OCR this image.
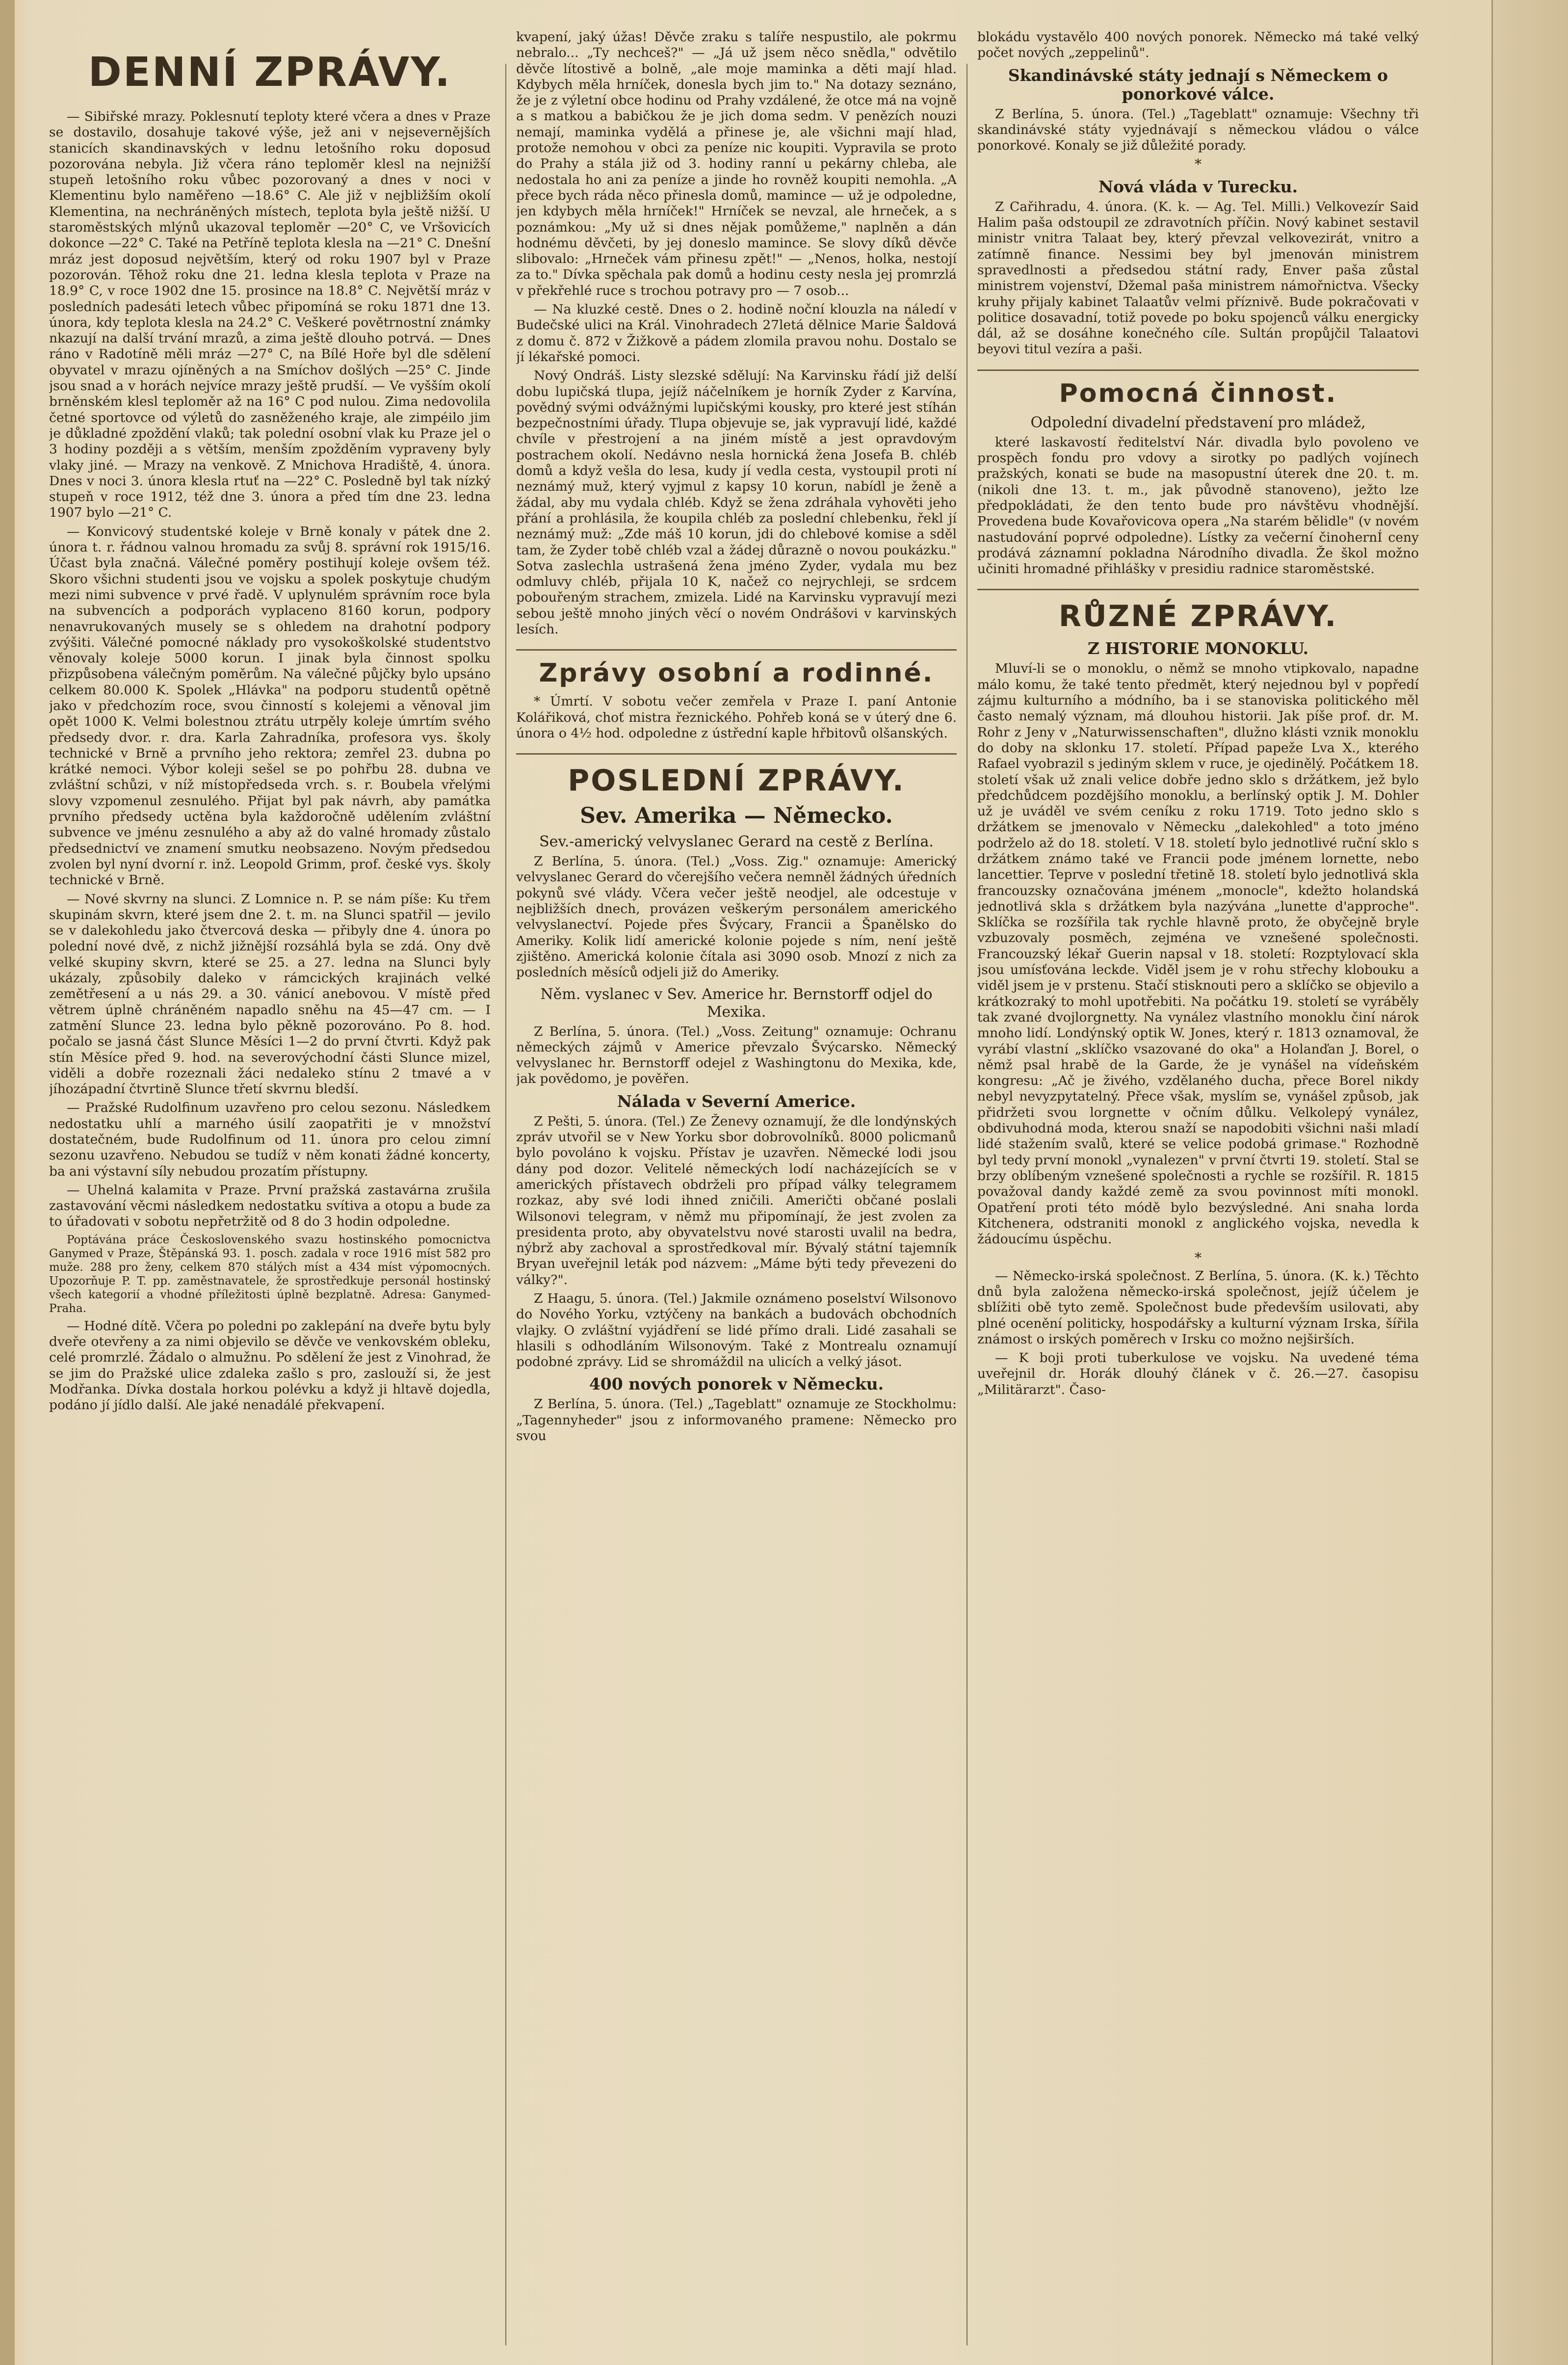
DENNÍ ZPRÁVY.

— Sibiřské mrazy. Poklesnutí teploty které včera a dnes v Praze se dostavilo, dosahuje takové výše, jež ani v nejsevernějších stanicích skandinavských v lednu letošního roku doposud pozorována nebyla. Již včera ráno teploměr klesl na nejnižší stupeň letošního roku vůbec pozorovaný a dnes v noci v Klementinu bylo naměřeno —18.6° C. Ale již v nejbližším okolí Klementina, na nechráněných místech, teplota byla ještě nižší. U staroměstských mlýnů ukazoval teploměr —20° C, ve Vršovicích dokonce —22° C. Také na Petříně teplota klesla na —21° C. Dnešní mráz jest doposud největším, který od roku 1907 byl v Praze pozorován. Těhož roku dne 21. ledna klesla teplota v Praze na 18.9° C, v roce 1902 dne 15. prosince na 18.8° C. Největší mráz v posledních padesáti letech vůbec připomíná se roku 1871 dne 13. února, kdy teplota klesla na 24.2° C. Veškeré povětrnostní známky nkazují na další trvání mrazů, a zima ještě dlouho potrvá. — Dnes ráno v Radotíně měli mráz —27° C, na Bílé Hoře byl dle sdělení obyvatel v mrazu ojíněných a na Smíchov došlých —25° C. Jinde jsou snad a v horách nejvíce mrazy ještě prudší. — Ve vyšším okolí brněnském klesl teploměr až na 16° C pod nulou. Zima nedovolila četné sportovce od výletů do zasněženého kraje, ale zimpéilo jim je důkladné zpoždění vlaků; tak polední osobní vlak ku Praze jel o 3 hodiny později a s větším, menším zpožděním vypraveny byly vlaky jiné. — Mrazy na venkově. Z Mnichova Hradiště, 4. února. Dnes v noci 3. února klesla rtuť na —22° C. Posledně byl tak nízký stupeň v roce 1912, též dne 3. února a před tím dne 23. ledna 1907 bylo —21° C.

— Konvicový studentské koleje v Brně konaly v pátek dne 2. února t. r. řádnou valnou hromadu za svůj 8. správní rok 1915/16. Účast byla značná. Válečné poměry postihují koleje ovšem též. Skoro všichni studenti jsou ve vojsku a spolek poskytuje chudým mezi nimi subvence v prvé řadě. V uplynulém správním roce byla na subvencích a podporách vyplaceno 8160 korun, podpory nenavrukovaných musely se s ohledem na drahotní podpory zvýšiti. Válečné pomocné náklady pro vysokoškolské studentstvo věnovaly koleje 5000 korun. I jinak byla činnost spolku přizpůsobena válečným poměrům. Na válečné půjčky bylo upsáno celkem 80.000 K. Spolek „Hlávka" na podporu studentů opětně jako v předchozím roce, svou činností s kolejemi a věnoval jim opět 1000 K. Velmi bolestnou ztrátu utrpěly koleje úmrtím svého předsedy dvor. r. dra. Karla Zahradníka, profesora vys. školy technické v Brně a prvního jeho rektora; zemřel 23. dubna po krátké nemoci. Výbor koleji sešel se po pohřbu 28. dubna ve zvláštní schůzi, v níž místopředseda vrch. s. r. Boubela vřelými slovy vzpomenul zesnulého. Přijat byl pak návrh, aby památka prvního předsedy uctěna byla každoročně udělením zvláštní subvence ve jménu zesnulého a aby až do valné hromady zůstalo předsednictví ve znamení smutku neobsazeno. Novým předsedou zvolen byl nyní dvorní r. inž. Leopold Grimm, prof. české vys. školy technické v Brně.

— Nové skvrny na slunci. Z Lomnice n. P. se nám píše: Ku třem skupinám skvrn, které jsem dne 2. t. m. na Slunci spatřil — jevilo se v dalekohledu jako čtvercová deska — přibyly dne 4. února po polední nové dvě, z nichž jižnější rozsáhlá byla se zdá. Ony dvě velké skupiny skvrn, které se 25. a 27. ledna na Slunci byly ukázaly, způsobily daleko v rámcických krajinách velké zemětřesení a u nás 29. a 30. vánicí anebovou. V místě před větrem úplně chráněném napadlo sněhu na 45—47 cm. — I zatmění Slunce 23. ledna bylo pěkně pozorováno. Po 8. hod. počalo se jasná část Slunce Měsíci 1—2 do první čtvrti. Když pak stín Měsíce před 9. hod. na severovýchodní části Slunce mizel, viděli a dobře rozeznali žáci nedaleko stínu 2 tmavé a v jíhozápadní čtvrtině Slunce třetí skvrnu bledší.

— Pražské Rudolfinum uzavřeno pro celou sezonu. Následkem nedostatku uhlí a marného úsilí zaopatřiti je v množství dostatečném, bude Rudolfinum od 11. února pro celou zimní sezonu uzavřeno. Nebudou se tudíž v něm konati žádné koncerty, ba ani výstavní síly nebudou prozatím přístupny.

— Uhelná kalamita v Praze. První pražská zastavárna zrušila zastavování věcmi následkem nedostatku svítiva a otopu a bude za to úřadovati v sobotu nepřetržitě od 8 do 3 hodin odpoledne.

Poptávána práce Československého svazu hostinského pomocnictva Ganymed v Praze, Štěpánská 93. 1. posch. zadala v roce 1916 míst 582 pro muže. 288 pro ženy, celkem 870 stálých míst a 434 míst výpomocných. Upozorňuje P. T. pp. zaměstnavatele, že sprostředkuje personál hostinský všech kategorií a vhodné příležitosti úplně bezplatně. Adresa: Ganymed-Praha.

— Hodné dítě. Včera po poledni po zaklepání na dveře bytu byly dveře otevřeny a za nimi objevilo se děvče ve venkovském obleku, celé promrzlé. Žádalo o almužnu. Po sdělení že jest z Vinohrad, že se jim do Pražské ulice zdaleka zašlo s pro, zaslouží si, že jest Modřanka. Dívka dostala horkou polévku a když ji hltavě dojedla, podáno jí jídlo další. Ale jaké nenadálé překvapení.

kvapení, jaký úžas! Děvče zraku s talíře nespustilo, ale pokrmu nebralo... „Ty nechceš?" — „Já už jsem něco snědla," odvětilo děvče lítostivě a bolně, „ale moje maminka a děti mají hlad. Kdybych měla hrníček, donesla bych jim to." Na dotazy seznáno, že je z výletní obce hodinu od Prahy vzdálené, že otce má na vojně a s matkou a babičkou že je jich doma sedm. V penězích nouzi nemají, maminka vydělá a přinese je, ale všichni mají hlad, protože nemohou v obci za peníze nic koupiti. Vypravila se proto do Prahy a stála již od 3. hodiny ranní u pekárny chleba, ale nedostala ho ani za peníze a jinde ho rovněž koupiti nemohla. „A přece bych ráda něco přinesla domů, mamince — už je odpoledne, jen kdybych měla hrníček!" Hrníček se nevzal, ale hrneček, a s poznámkou: „My už si dnes nějak pomůžeme," naplněn a dán hodnému děvčeti, by jej doneslo mamince. Se slovy díků děvče slibovalo: „Hrneček vám přinesu zpět!" — „Nenos, holka, nestojí za to." Dívka spěchala pak domů a hodinu cesty nesla jej promrzlá v překřehlé ruce s trochou potravy pro — 7 osob...

— Na kluzké cestě. Dnes o 2. hodině noční klouzla na náledí v Budečské ulici na Král. Vinohradech 27letá dělnice Marie Šaldová z domu č. 872 v Žižkově a pádem zlomila pravou nohu. Dostalo se jí lékařské pomoci.

Nový Ondráš. Listy slezské sdělují: Na Karvinsku řádí již delší dobu lupičská tlupa, jejíž náčelníkem je horník Zyder z Karvína, povědný svými odvážnými lupičskými kousky, pro které jest stíhán bezpečnostními úřady. Tlupa objevuje se, jak vypravují lidé, každé chvíle v přestrojení a na jiném místě a jest opravdovým postrachem okolí. Nedávno nesla hornická žena Josefa B. chléb domů a když vešla do lesa, kudy jí vedla cesta, vystoupil proti ní neznámý muž, který vyjmul z kapsy 10 korun, nabídl je ženě a žádal, aby mu vydala chléb. Když se žena zdráhala vyhověti jeho přání a prohlásila, že koupila chléb za poslední chlebenku, řekl jí neznámý muž: „Zde máš 10 korun, jdi do chlebové komise a sděl tam, že Zyder tobě chléb vzal a žádej důrazně o novou poukázku." Sotva zaslechla ustrašená žena jméno Zyder, vydala mu bez odmluvy chléb, přijala 10 K, načež co nejrychleji, se srdcem pobouřeným strachem, zmizela. Lidé na Karvinsku vypravují mezi sebou ještě mnoho jiných věcí o novém Ondrášovi v karvinských lesích.

Zprávy osobní a rodinné.

* Úmrtí. V sobotu večer zemřela v Praze I. paní Antonie Kolářiková, choť mistra řeznického. Pohřeb koná se v úterý dne 6. února o 4½ hod. odpoledne z ústřední kaple hřbitovů olšanských.

POSLEDNÍ ZPRÁVY.
Sev. Amerika — Německo.
Sev.-americký velvyslanec Gerard na cestě z Berlína.

Z Berlína, 5. února. (Tel.) „Voss. Zig." oznamuje: Americký velvyslanec Gerard do včerejšího večera nemněl žádných úředních pokynů své vlády. Včera večer ještě neodjel, ale odcestuje v nejbližších dnech, provázen veškerým personálem amerického velvyslanectví. Pojede přes Švýcary, Francii a Španělsko do Ameriky. Kolik lidí americké kolonie pojede s ním, není ještě zjištěno. Americká kolonie čítala asi 3090 osob. Mnozí z nich za posledních měsíců odjeli již do Ameriky.

Něm. vyslanec v Sev. Americe hr. Bernstorff odjel do Mexika.

Z Berlína, 5. února. (Tel.) „Voss. Zeitung" oznamuje: Ochranu německých zájmů v Americe převzalo Švýcarsko. Německý velvyslanec hr. Bernstorff odejel z Washingtonu do Mexika, kde, jak povědomo, je pověřen.

Nálada v Severní Americe.

Z Pešti, 5. února. (Tel.) Ze Ženevy oznamují, že dle londýnských zpráv utvořil se v New Yorku sbor dobrovolníků. 8000 policmanů bylo povoláno k vojsku. Přístav je uzavřen. Německé lodi jsou dány pod dozor. Velitelé německých lodí nacházejících se v amerických přístavech obdrželi pro případ války telegramem rozkaz, aby své lodi ihned zničili. Američti občané poslali Wilsonovi telegram, v němž mu připomínají, že jest zvolen za presidenta proto, aby obyvatelstvu nové starosti uvalil na bedra, nýbrž aby zachoval a sprostředkoval mír. Bývalý státní tajemník Bryan uveřejnil leták pod názvem: „Máme býti tedy převezeni do války?".

Z Haagu, 5. února. (Tel.) Jakmile oznámeno poselství Wilsonovo do Nového Yorku, vztýčeny na bankách a budovách obchodních vlajky. O zvláštní vyjádření se lidé přímo drali. Lidé zasahali se hlasili s odhodláním Wilsonovým. Také z Montrealu oznamují podobné zprávy. Lid se shromáždil na ulicích a velký jásot.

400 nových ponorek v Německu.

Z Berlína, 5. února. (Tel.) „Tageblatt" oznamuje ze Stockholmu: „Tagennyheder" jsou z informovaného pramene: Německo pro svou

blokádu vystavělo 400 nových ponorek. Německo má také velký počet nových „zeppelinů".

Skandinávské státy jednají s Německem o ponorkové válce.

Z Berlína, 5. února. (Tel.) „Tageblatt" oznamuje: Všechny tři skandinávské státy vyjednávají s německou vládou o válce ponorkové. Konaly se již důležité porady.

*
Nová vláda v Turecku.

Z Cařihradu, 4. února. (K. k. — Ag. Tel. Milli.) Velkovezír Said Halim paša odstoupil ze zdravotních příčin. Nový kabinet sestavil ministr vnitra Talaat bey, který převzal velkovezirát, vnitro a zatímně finance. Nessimi bey byl jmenován ministrem spravedlnosti a předsedou státní rady, Enver paša zůstal ministrem vojenství, Džemal paša ministrem námořnictva. Všecky kruhy přijaly kabinet Talaatův velmi příznivě. Bude pokračovati v politice dosavadní, totiž povede po boku spojenců válku energicky dál, až se dosáhne konečného cíle. Sultán propůjčil Talaatovi beyovi titul vezíra a paši.

Pomocná činnost.
Odpolední divadelní představení pro mládež,

které laskavostí ředitelství Nár. divadla bylo povoleno ve prospěch fondu pro vdovy a sirotky po padlých vojínech pražských, konati se bude na masopustní úterek dne 20. t. m. (nikoli dne 13. t. m., jak původně stanoveno), ježto lze předpokládati, že den tento bude pro návštěvu vhodnější. Provedena bude Kovařovicova opera „Na starém bělidle" (v novém nastudování poprvé odpoledne). Lístky za večerní činohernÍ ceny prodává záznamní pokladna Národního divadla. Že škol možno učiniti hromadné přihlášky v presidiu radnice staroměstské.

RŮZNÉ ZPRÁVY.
Z HISTORIE MONOKLU.

Mluví-li se o monoklu, o němž se mnoho vtipkovalo, napadne málo komu, že také tento předmět, který nejednou byl v popředí zájmu kulturního a módního, ba i se stanoviska politického měl často nemalý význam, má dlouhou historii. Jak píše prof. dr. M. Rohr z Jeny v „Naturwissenschaften", dlužno klásti vznik monoklu do doby na sklonku 17. století. Případ papeže Lva X., kterého Rafael vyobrazil s jediným sklem v ruce, je ojedinělý. Počátkem 18. století však už znali velice dobře jedno sklo s držátkem, jež bylo předchůdcem pozdějšího monoklu, a berlínský optik J. M. Dohler už je uváděl ve svém ceníku z roku 1719. Toto jedno sklo s držátkem se jmenovalo v Německu „dalekohled" a toto jméno podrželo až do 18. století. V 18. století bylo jednotlivé ruční sklo s držátkem známo také ve Francii pode jménem lornette, nebo lancettier. Teprve v poslední třetině 18. století bylo jednotlivá skla francouzsky označována jménem „monocle", kdežto holandská jednotlivá skla s držátkem byla nazývána „lunette d'approche". Sklíčka se rozšířila tak rychle hlavně proto, že obyčejně bryle vzbuzovaly posměch, zejména ve vznešené společnosti. Francouzský lékař Guerin napsal v 18. století: Rozptylovací skla jsou umísťována leckde. Viděl jsem je v rohu střechy klobouku a viděl jsem je v prstenu. Stačí stisknouti pero a sklíčko se objevilo a krátkozraký to mohl upotřebiti. Na počátku 19. století se vyráběly tak zvané dvojlorgnetty. Na vynález vlastního monoklu činí nárok mnoho lidí. Londýnský optik W. Jones, který r. 1813 oznamoval, že vyrábí vlastní „sklíčko vsazované do oka" a Holanďan J. Borel, o němž psal hrabě de la Garde, že je vynášel na vídeňském kongresu: „Ač je živého, vzdělaného ducha, přece Borel nikdy nebyl nevyzpytatelný. Přece však, myslím se, vynášel způsob, jak přidržeti svou lorgnette v očním důlku. Velkolepý vynález, obdivuhodná moda, kterou snaží se napodobiti všichni naši mladí lidé stažením svalů, které se velice podobá grimase." Rozhodně byl tedy první monokl „vynalezen" v první čtvrti 19. století. Stal se brzy oblíbeným vznešené společnosti a rychle se rozšířil. R. 1815 považoval dandy každé země za svou povinnost míti monokl. Opatření proti této módě bylo bezvýsledné. Ani snaha lorda Kitchenera, odstraniti monokl z anglického vojska, nevedla k žádoucímu úspěchu.

*

— Německo-irská společnost. Z Berlína, 5. února. (K. k.) Těchto dnů byla založena německo-irská společnost, jejíž účelem je sblížiti obě tyto země. Společnost bude především usilovati, aby plné ocenění politicky, hospodářsky a kulturní význam Irska, šířila známost o irských poměrech v Irsku co možno nejširších.

— K boji proti tuberkulose ve vojsku. Na uvedené téma uveřejnil dr. Horák dlouhý článek v č. 26.—27. časopisu „Militärarzt". Časo-
